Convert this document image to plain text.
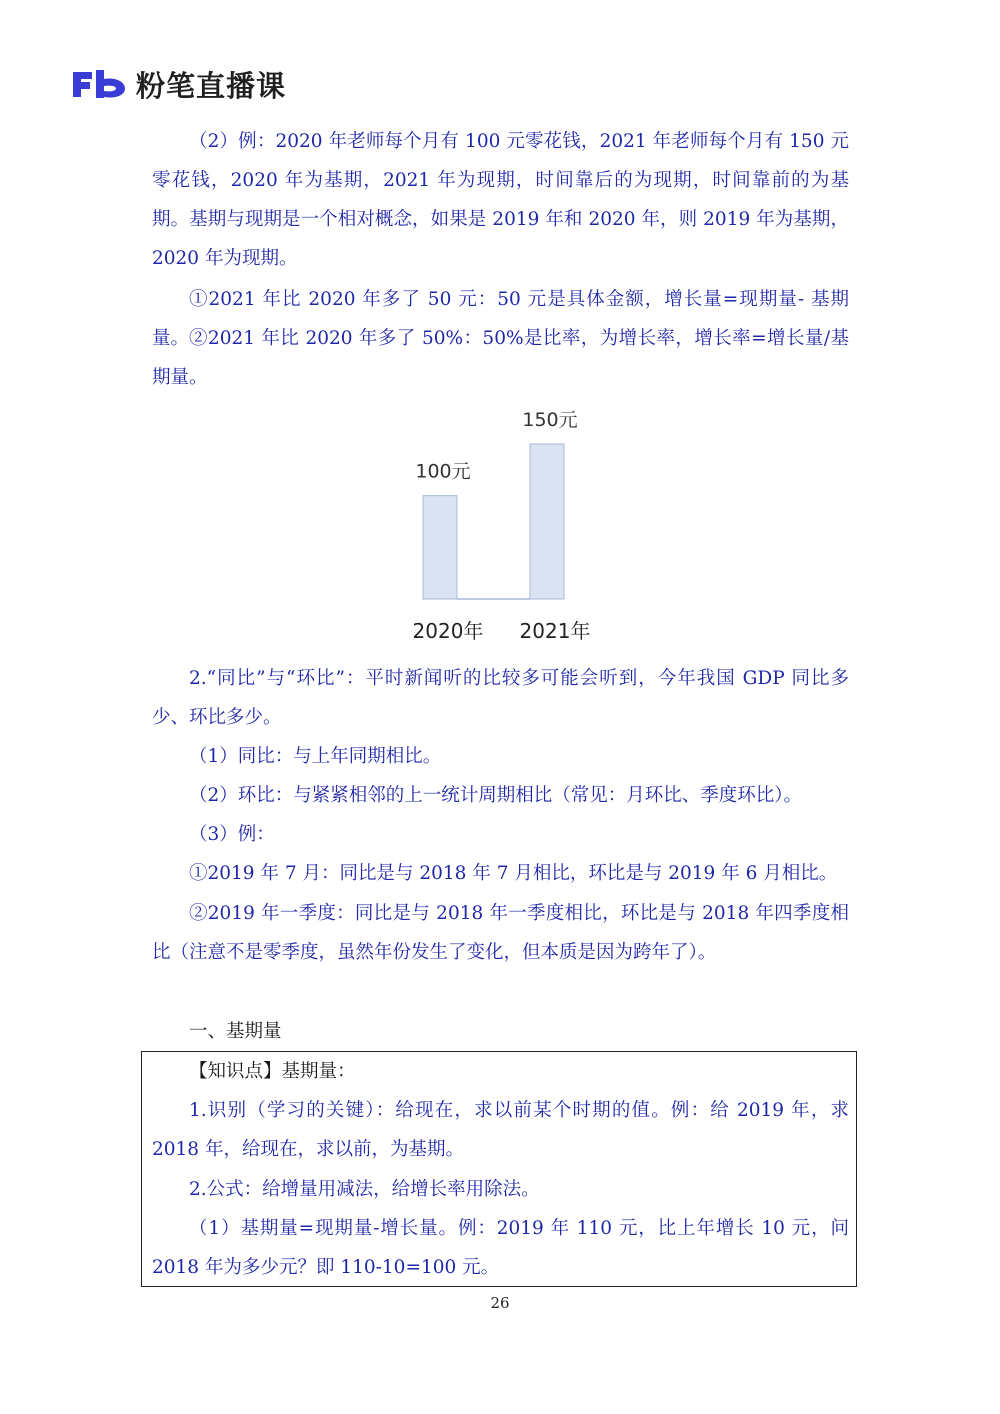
粉笔直播课
（2）例：2020 年老师每个月有 100 元零花钱，2021 年老师每个月有 150 元零花钱，2020 年为基期，2021 年为现期，时间靠后的为现期，时间靠前的为基期。基期与现期是一个相对概念，如果是 2019 年和 2020 年，则 2019 年为基期，2020 年为现期。
①2021 年比 2020 年多了 50 元：50 元是具体金额，增长量=现期量- 基期量。 ②2021 年比 2020 年多了 50%：50%是比率，为增长率，增长率=增长量/基期量。
2.“同比”与“环比”：平时新闻听的比较多可能会听到，今年我国 GDP 同比多少、环比多少。
（1）同比：与上年同期相比。
（2）环比：与紧紧相邻的上一统计周期相比（常见：月环比、季度环比）。
（3）例：
①2019 年 7 月：同比是与 2018 年 7 月相比，环比是与 2019 年 6 月相比。
②2019 年一季度：同比是与 2018 年一季度相比，环比是与 2018 年四季度相比（注意不是零季度，虽然年份发生了变化，但本质是因为跨年了）。
一、基期量
100元
2020年
150元
2021年
【知识点】基期量：
1.识别（学习的关键）：给现在，求以前某个时期的值。例：给 2019 年，求 2018 年，给现在，求以前，为基期。
2.公式：给增量用减法，给增长率用除法。
（1）基期量=现期量-增长量。例：2019 年 110 元，比上年增长 10 元，问 2018 年为多少元？即 110-10=100 元。
26
